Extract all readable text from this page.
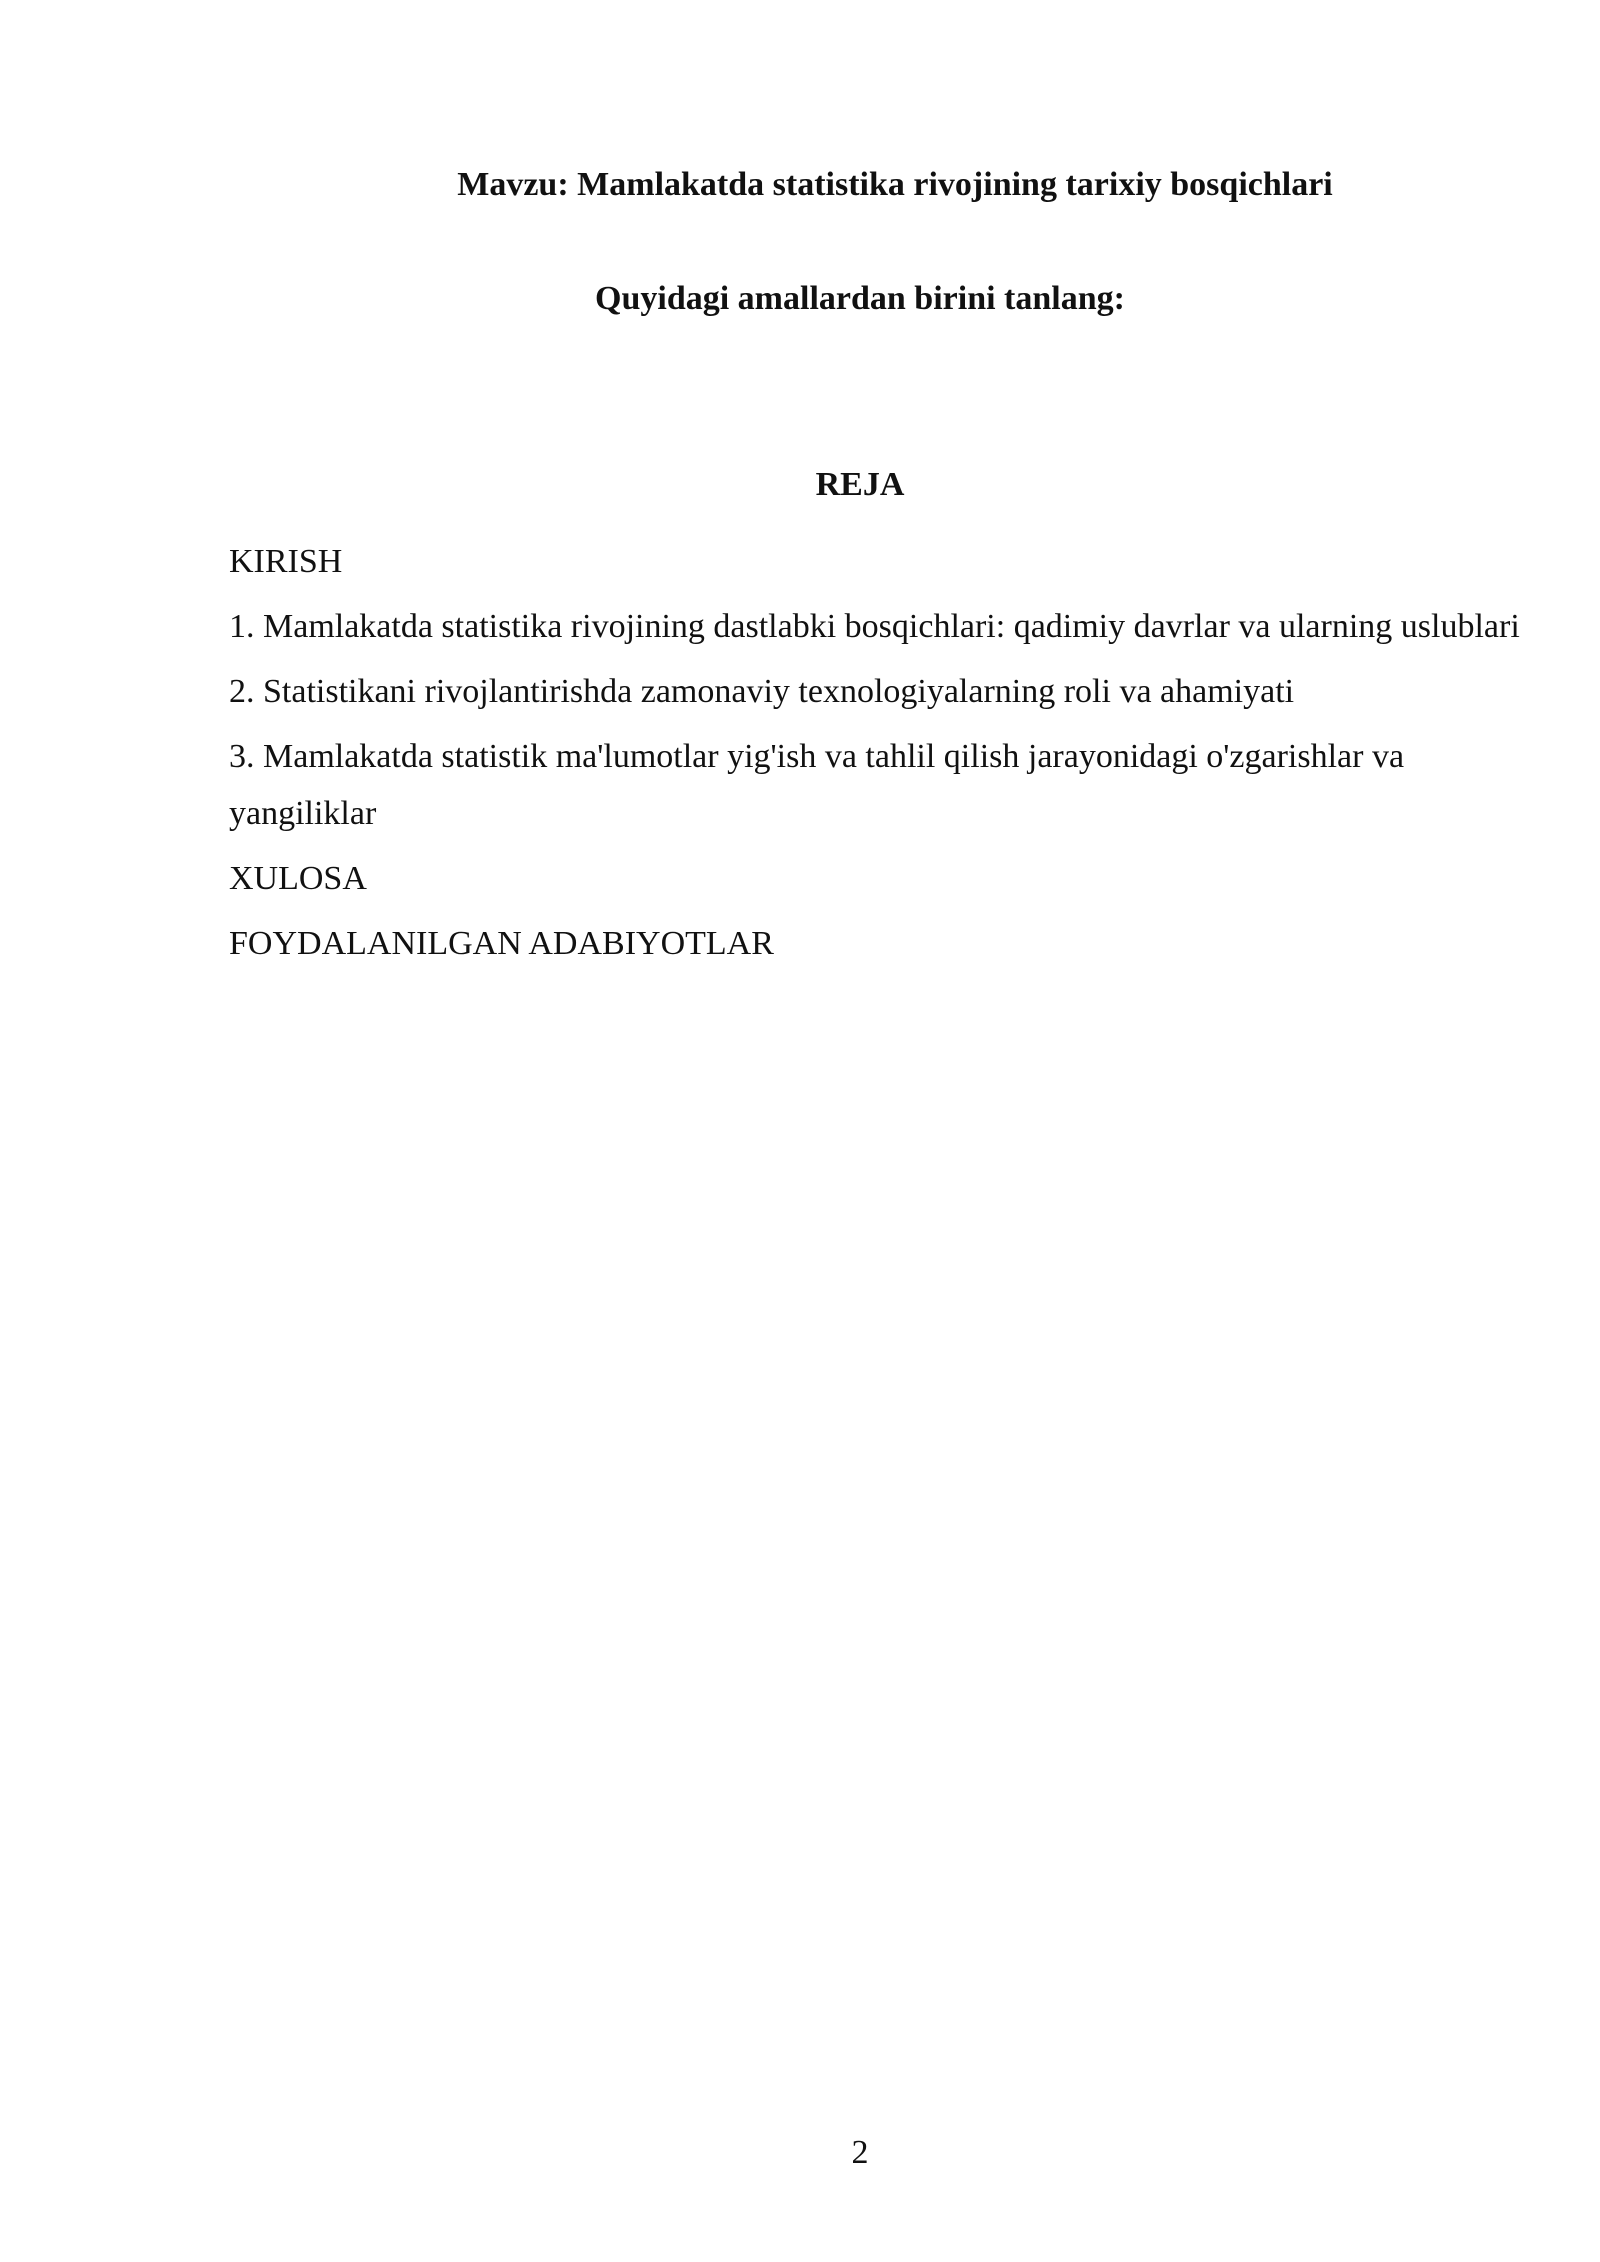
Mavzu: Mamlakatda statistika rivojining tarixiy bosqichlari
Quyidagi amallardan birini tanlang:
REJA
KIRISH
1. Mamlakatda statistika rivojining dastlabki bosqichlari: qadimiy davrlar va ularning uslublari
2. Statistikani rivojlantirishda zamonaviy texnologiyalarning roli va ahamiyati
3. Mamlakatda statistik ma'lumotlar yig'ish va tahlil qilish jarayonidagi o'zgarishlar va yangiliklar
XULOSA
FOYDALANILGAN ADABIYOTLAR
2
